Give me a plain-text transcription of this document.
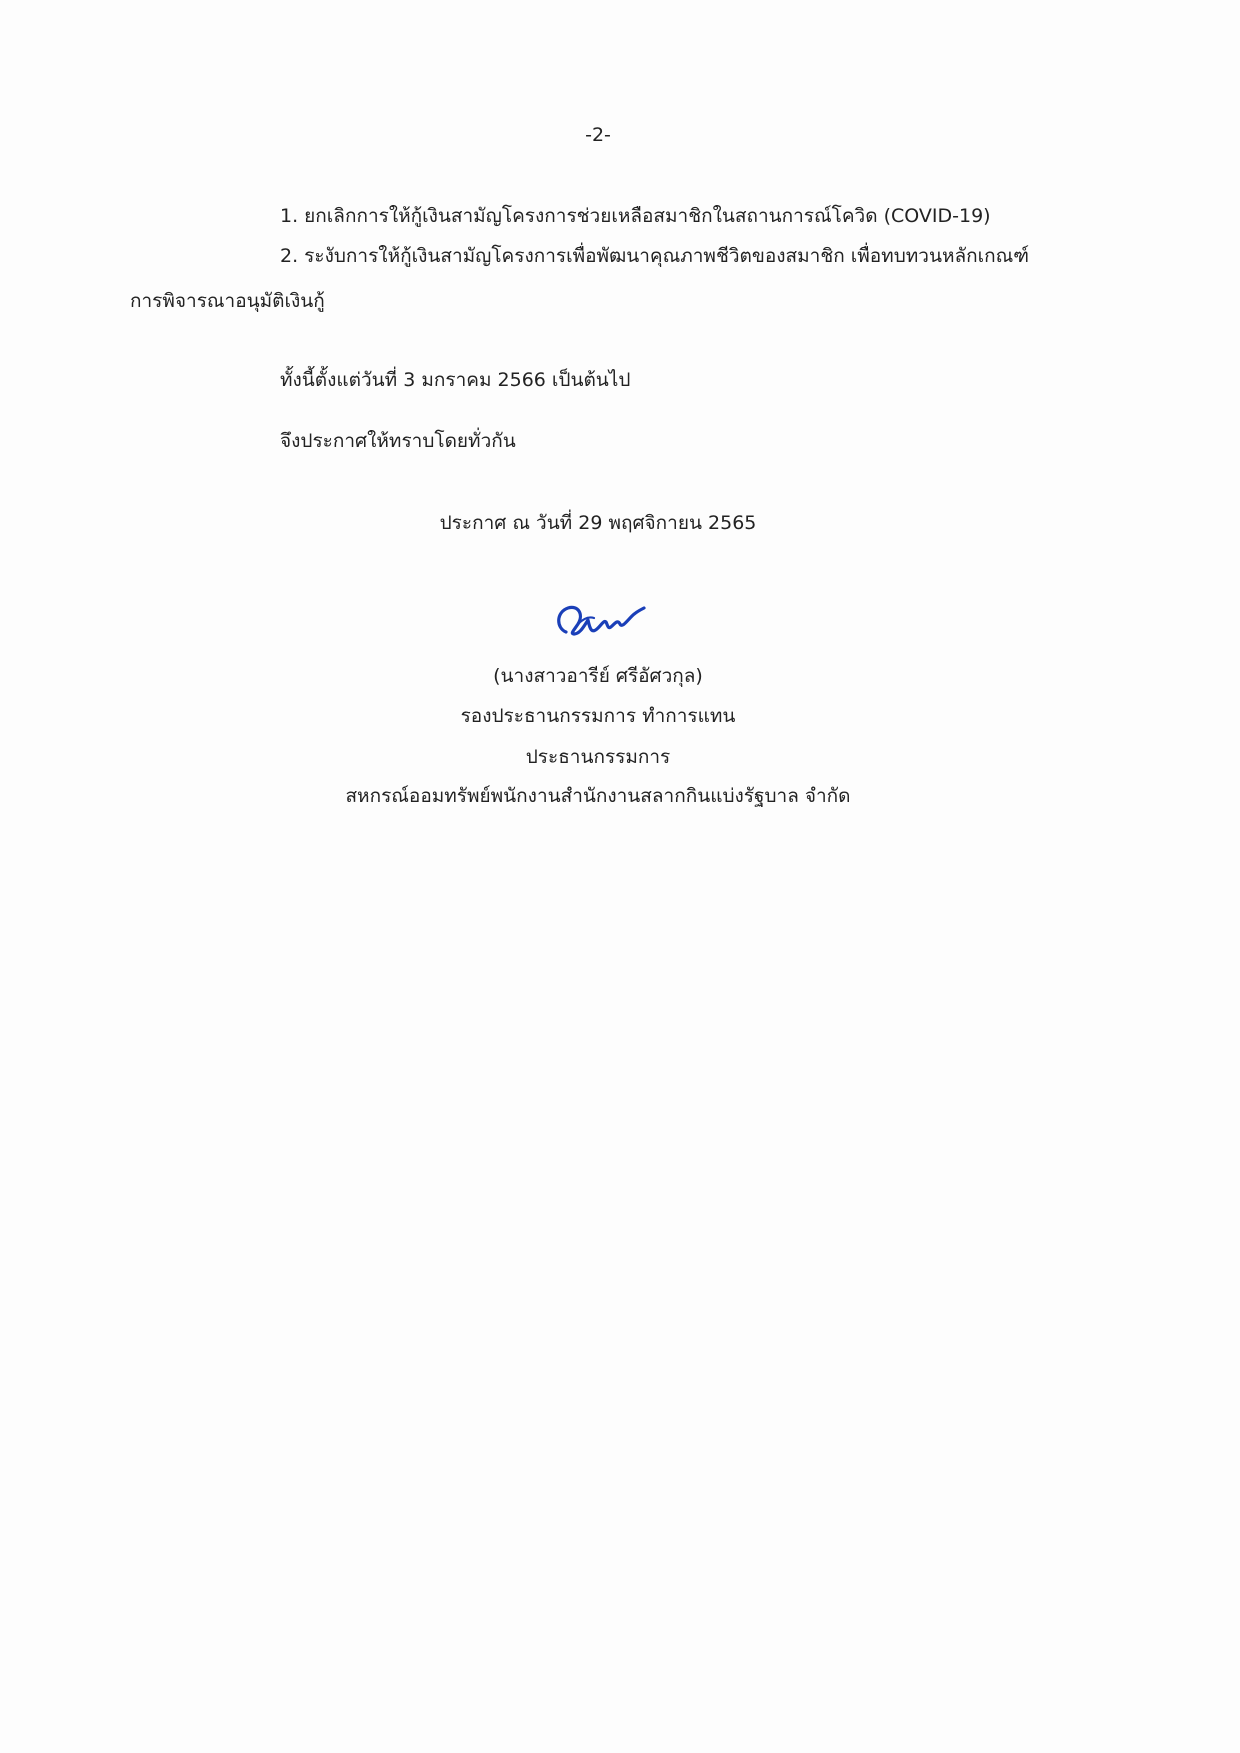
-2-
1. ยกเลิกการให้กู้เงินสามัญโครงการช่วยเหลือสมาชิกในสถานการณ์โควิด (COVID-19)
2. ระงับการให้กู้เงินสามัญโครงการเพื่อพัฒนาคุณภาพชีวิตของสมาชิก เพื่อทบทวนหลักเกณฑ์
การพิจารณาอนุมัติเงินกู้
ทั้งนี้ตั้งแต่วันที่ 3 มกราคม 2566 เป็นต้นไป
จึงประกาศให้ทราบโดยทั่วกัน
ประกาศ ณ วันที่ 29 พฤศจิกายน 2565
(นางสาวอารีย์ ศรีอัศวกุล)
รองประธานกรรมการ ทำการแทน
ประธานกรรมการ
สหกรณ์ออมทรัพย์พนักงานสำนักงานสลากกินแบ่งรัฐบาล จำกัด
